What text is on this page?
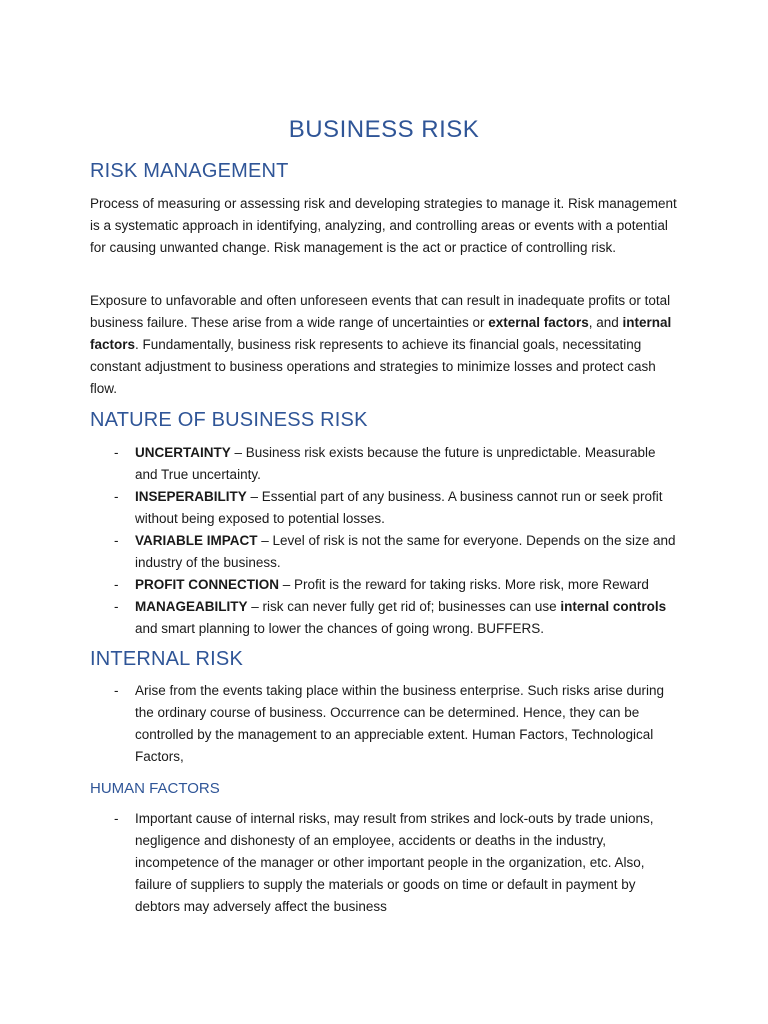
BUSINESS RISK
RISK MANAGEMENT

Process of measuring or assessing risk and developing strategies to manage it. Risk management is a systematic approach in identifying, analyzing, and controlling areas or events with a potential for causing unwanted change. Risk management is the act or practice of controlling risk.

Exposure to unfavorable and often unforeseen events that can result in inadequate profits or total business failure. These arise from a wide range of uncertainties or external factors, and internal factors. Fundamentally, business risk represents to achieve its financial goals, necessitating constant adjustment to business operations and strategies to minimize losses and protect cash flow.

NATURE OF BUSINESS RISK
- UNCERTAINTY – Business risk exists because the future is unpredictable. Measurable and True uncertainty.
- INSEPERABILITY – Essential part of any business. A business cannot run or seek profit without being exposed to potential losses.
- VARIABLE IMPACT – Level of risk is not the same for everyone. Depends on the size and industry of the business.
- PROFIT CONNECTION – Profit is the reward for taking risks. More risk, more Reward
- MANAGEABILITY – risk can never fully get rid of; businesses can use internal controls and smart planning to lower the chances of going wrong. BUFFERS.
INTERNAL RISK
- Arise from the events taking place within the business enterprise. Such risks arise during the ordinary course of business. Occurrence can be determined. Hence, they can be controlled by the management to an appreciable extent. Human Factors, Technological Factors,
HUMAN FACTORS
- Important cause of internal risks, may result from strikes and lock-outs by trade unions, negligence and dishonesty of an employee, accidents or deaths in the industry, incompetence of the manager or other important people in the organization, etc. Also, failure of suppliers to supply the materials or goods on time or default in payment by debtors may adversely affect the business
